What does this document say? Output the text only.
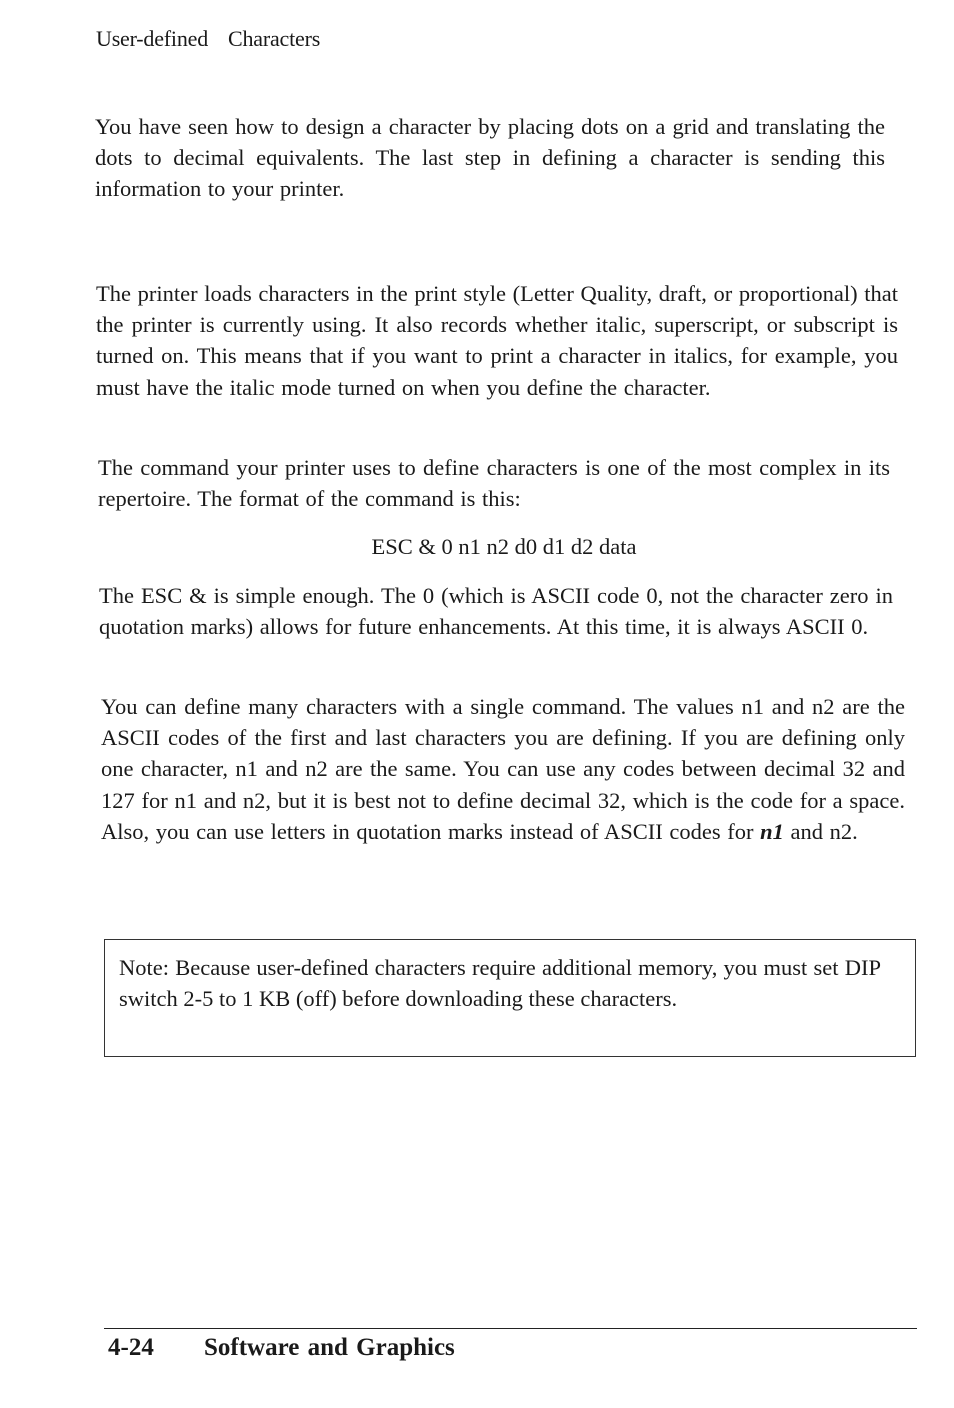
User-defined Characters

You have seen how to design a character by placing dots on a grid and translating the dots to decimal equivalents. The last step in defining a character is sending this information to your printer.

The printer loads characters in the print style (Letter Quality, draft, or proportional) that the printer is currently using. It also records whether italic, superscript, or subscript is turned on. This means that if you want to print a character in italics, for example, you must have the italic mode turned on when you define the character.

The command your printer uses to define characters is one of the most complex in its repertoire. The format of the command is this:

ESC & 0 n1 n2 d0 d1 d2 data

The ESC & is simple enough. The 0 (which is ASCII code 0, not the character zero in quotation marks) allows for future enhancements. At this time, it is always ASCII 0.

You can define many characters with a single command. The values n1 and n2 are the ASCII codes of the first and last characters you are defining. If you are defining only one character, n1 and n2 are the same. You can use any codes between decimal 32 and 127 for n1 and n2, but it is best not to define decimal 32, which is the code for a space. Also, you can use letters in quotation marks instead of ASCII codes for n1 and n2.

Note: Because user-defined characters require additional memory, you must set DIP switch 2-5 to 1 KB (off) before downloading these characters.

4-24 Software and Graphics
